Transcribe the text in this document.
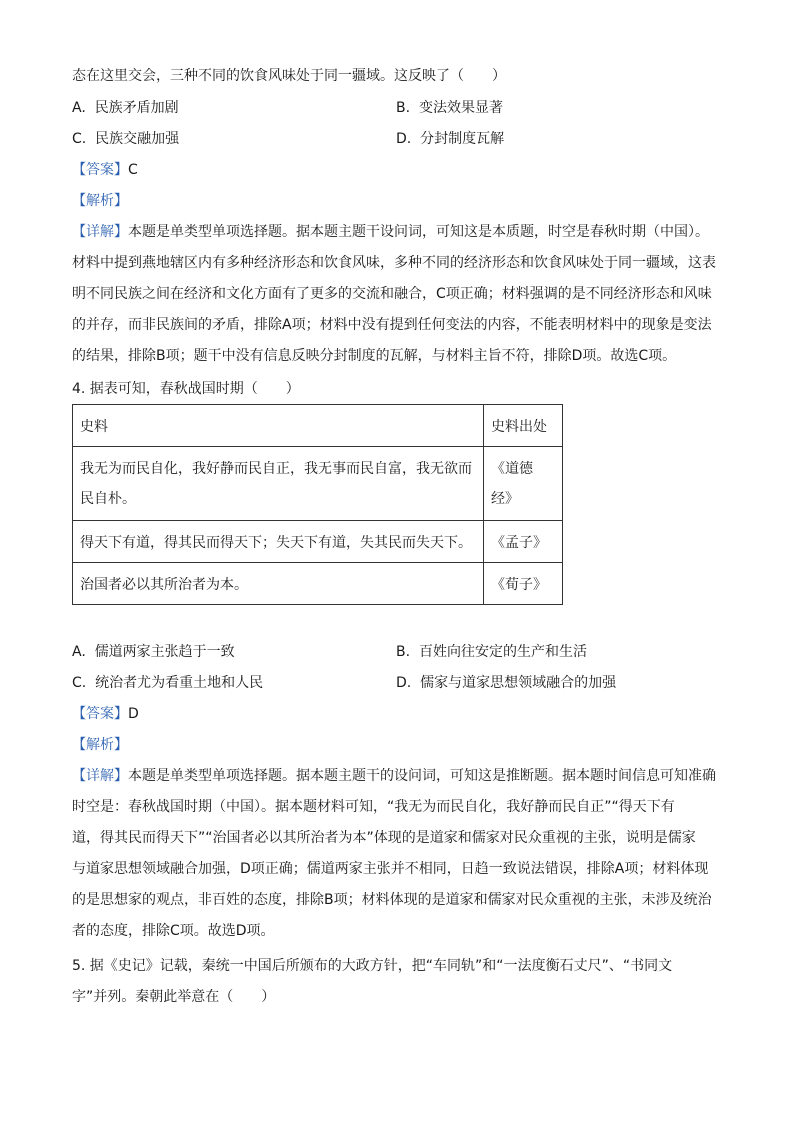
态在这里交会，三种不同的饮食风味处于同一疆域。这反映了（　　）
A. 民族矛盾加剧	B. 变法效果显著
C. 民族交融加强	D. 分封制度瓦解
【答案】C
【解析】
【详解】本题是单类型单项选择题。据本题主题干设问词，可知这是本质题，时空是春秋时期（中国）。
材料中提到燕地辖区内有多种经济形态和饮食风味，多种不同的经济形态和饮食风味处于同一疆域，这表
明不同民族之间在经济和文化方面有了更多的交流和融合，C项正确；材料强调的是不同经济形态和风味
的并存，而非民族间的矛盾，排除A项；材料中没有提到任何变法的内容，不能表明材料中的现象是变法
的结果，排除B项；题干中没有信息反映分封制度的瓦解，与材料主旨不符，排除D项。故选C项。
4. 据表可知，春秋战国时期（　　）
史料	史料出处

我无为而民自化，我好静而民自正，我无事而民自富，我无欲而
民自朴。	《道德
经》

得天下有道，得其民而得天下；失天下有道，失其民而失天下。	《孟子》
治国者必以其所治者为本。	《荀子》
A. 儒道两家主张趋于一致	B. 百姓向往安定的生产和生活
C. 统治者尤为看重土地和人民	D. 儒家与道家思想领域融合的加强
【答案】D
【解析】
【详解】本题是单类型单项选择题。据本题主题干的设问词，可知这是推断题。据本题时间信息可知准确
时空是：春秋战国时期（中国）。据本题材料可知，“我无为而民自化，我好静而民自正”“得天下有
道，得其民而得天下”“治国者必以其所治者为本”体现的是道家和儒家对民众重视的主张，说明是儒家
与道家思想领域融合加强，D项正确；儒道两家主张并不相同，日趋一致说法错误，排除A项；材料体现
的是思想家的观点，非百姓的态度，排除B项；材料体现的是道家和儒家对民众重视的主张，未涉及统治
者的态度，排除C项。故选D项。
5. 据《史记》记载，秦统一中国后所颁布的大政方针，把“车同轨”和“一法度衡石丈尺”、“书同文
字”并列。秦朝此举意在（　　）
